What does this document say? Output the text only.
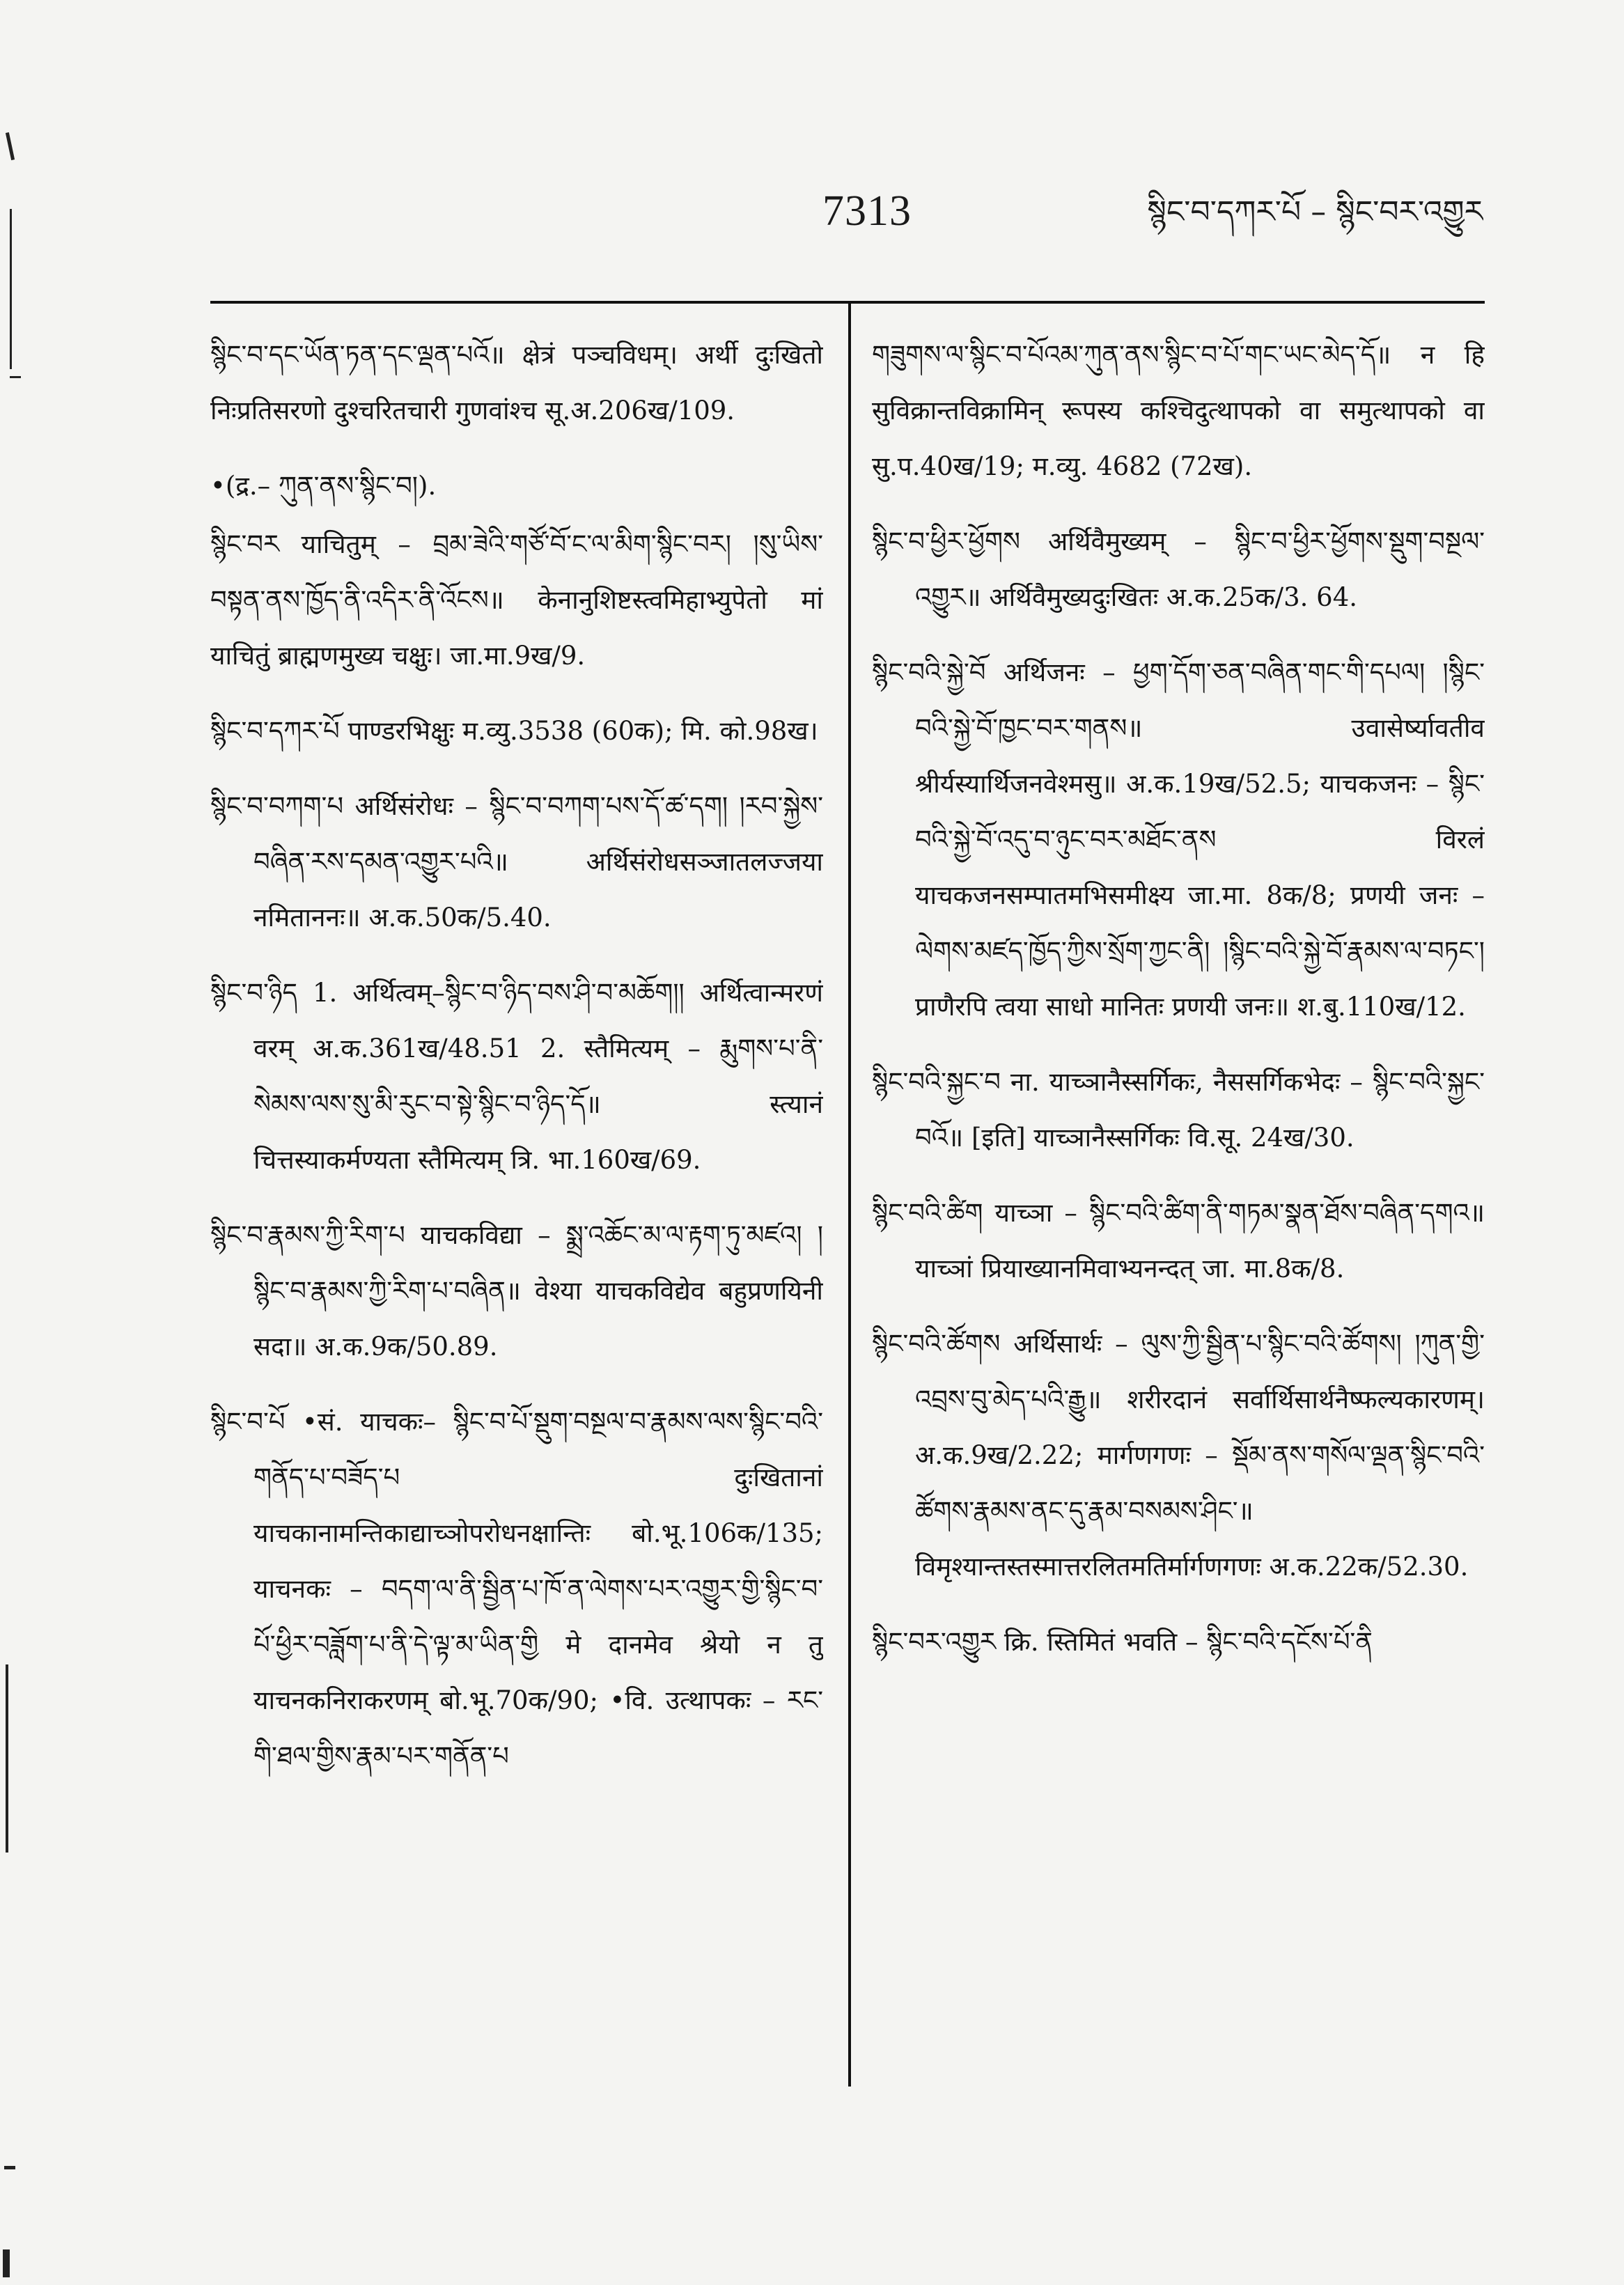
7313	སྙིང་བ་དཀར་པོ – སྙིང་བར་འགྱུར

སྙིང་བ་དང་ཡོན་ཏན་དང་ལྡན་པའོ॥ क्षेत्रं पञ्चविधम्। अर्थी दुःखितो निःप्रतिसरणो दुश्चरितचारी गुणवांश्च सू.अ.206ख/109.

•(द्र.– ཀུན་ནས་སྙིང་བ།).

སྙིང་བར याचितुम् – བྲམ་ཟེའི་གཙོ་བོ་ང་ལ་མིག་སྙིང་བར། །སུ་ཡིས་བསྟན་ནས་ཁྱོད་ནི་འདིར་ནི་འོངས॥ केनानुशिष्टस्त्वमिहाभ्युपेतो मां याचितुं ब्राह्मणमुख्य चक्षुः। जा.मा.9ख/9.

སྙིང་བ་དཀར་པོ पाण्डरभिक्षुः म.व्यु.3538 (60क); मि. को.98ख।

སྙིང་བ་བཀག་པ अर्थिसंरोधः – སྙིང་བ་བཀག་པས་དོ་ཚ་དག། །རབ་སྐྱེས་བཞིན་རས་དམན་འགྱུར་པའི॥ अर्थिसंरोधसञ्जातलज्जया नमिताननः॥ अ.क.50क/5.40.

སྙིང་བ་ཉིད 1. अर्थित्वम्–སྙིང་བ་ཉིད་བས་ཤི་བ་མཆོག།། अर्थित्वान्मरणं वरम् अ.क.361ख/48.51 2. स्तैमित्यम् – རྨུགས་པ་ནི་སེམས་ལས་སུ་མི་རུང་བ་སྟེ་སྙིང་བ་ཉིད་དོ॥ स्त्यानं चित्तस्याकर्मण्यता स्तैमित्यम् त्रि. भा.160ख/69.

སྙིང་བ་རྣམས་ཀྱི་རིག་པ याचकविद्या – སྨྲ་འཆོང་མ་ལ་རྟག་ཏུ་མཛའ། །སྙིང་བ་རྣམས་ཀྱི་རིག་པ་བཞིན॥ वेश्या याचकविद्येव बहुप्रणयिनी सदा॥ अ.क.9क/50.89.

སྙིང་བ་པོ •सं. याचकः– སྙིང་བ་པོ་སྡུག་བསྔལ་བ་རྣམས་ལས་སྙིང་བའི་གནོད་པ་བཟོད་པ दुःखितानां याचकानामन्तिकाद्याच्ञोपरोधनक्षान्तिः बो.भू.106क/135; याचनकः – བདག་ལ་ནི་སྦྱིན་པ་ཁོ་ན་ལེགས་པར་འགྱུར་གྱི་སྙིང་བ་པོ་ཕྱིར་བཟློག་པ་ནི་དེ་ལྟ་མ་ཡིན་གྱི मे दानमेव श्रेयो न तु याचनकनिराकरणम् बो.भू.70क/90; •वि. उत्थापकः – རང་གི་ཐལ་གྱིས་རྣམ་པར་གནོན་པ

གཟུགས་ལ་སྙིང་བ་པོའམ་ཀུན་ནས་སྙིང་བ་པོ་གང་ཡང་མེད་དོ॥ न हि सुविक्रान्तविक्रामिन् रूपस्य कश्चिदुत्थापको वा समुत्थापको वा सु.प.40ख/19; म.व्यु. 4682 (72ख).

སྙིང་བ་ཕྱིར་ཕྱོགས अर्थिवैमुख्यम् – སྙིང་བ་ཕྱིར་ཕྱོགས་སྡུག་བསྔལ་འགྱུར॥ अर्थिवैमुख्यदुःखितः अ.क.25क/3. 64.

སྙིང་བའི་སྐྱེ་བོ अर्थिजनः – ཕྱག་དོག་ཅན་བཞིན་གང་གི་དཔལ། །སྙིང་བའི་སྐྱེ་བོ་ཁྱང་བར་གནས॥ उवासेर्ष्यावतीव श्रीर्यस्यार्थिजनवेश्मसु॥ अ.क.19ख/52.5; याचकजनः – སྙིང་བའི་སྐྱེ་བོ་འདུ་བ་ཉུང་བར་མཐོང་ནས विरलं याचकजनसम्पातमभिसमीक्ष्य जा.मा. 8क/8; प्रणयी जनः – ལེགས་མཛད་ཁྱོད་ཀྱིས་སྲོག་ཀྱང་ནི། །སྙིང་བའི་སྐྱེ་བོ་རྣམས་ལ་བཏང་། प्राणैरपि त्वया साधो मानितः प्रणयी जनः॥ श.बु.110ख/12.

སྙིང་བའི་སྐྱང་བ ना. याच्ञानैस्सर्गिकः, नैससर्गिकभेदः – སྙིང་བའི་སྐྱང་བའོ॥ [इति] याच्ञानैस्सर्गिकः वि.सू. 24ख/30.

སྙིང་བའི་ཚིག याच्ञा – སྙིང་བའི་ཚིག་ནི་གཏམ་སྣན་ཐོས་བཞིན་དགའ॥ याच्ञां प्रियाख्यानमिवाभ्यनन्दत् जा. मा.8क/8.

སྙིང་བའི་ཚོགས अर्थिसार्थः – ལུས་ཀྱི་སྦྱིན་པ་སྙིང་བའི་ཚོགས། །ཀུན་གྱི་འབྲས་བུ་མེད་པའི་རྒྱུ॥ शरीरदानं सर्वार्थिसार्थनैष्फल्यकारणम्। अ.क.9ख/2.22; मार्गणगणः – སྡོམ་ནས་གསོལ་ལྡན་སྙིང་བའི་ཚོགས་རྣམས་ནང་དུ་རྣམ་བསམས་ཤིང་॥ विमृश्यान्तस्तस्मात्तरलितमतिर्मार्गणगणः अ.क.22क/52.30.

སྙིང་བར་འགྱུར क्रि. स्तिमितं भवति – སྙིང་བའི་དངོས་པོ་ནི
